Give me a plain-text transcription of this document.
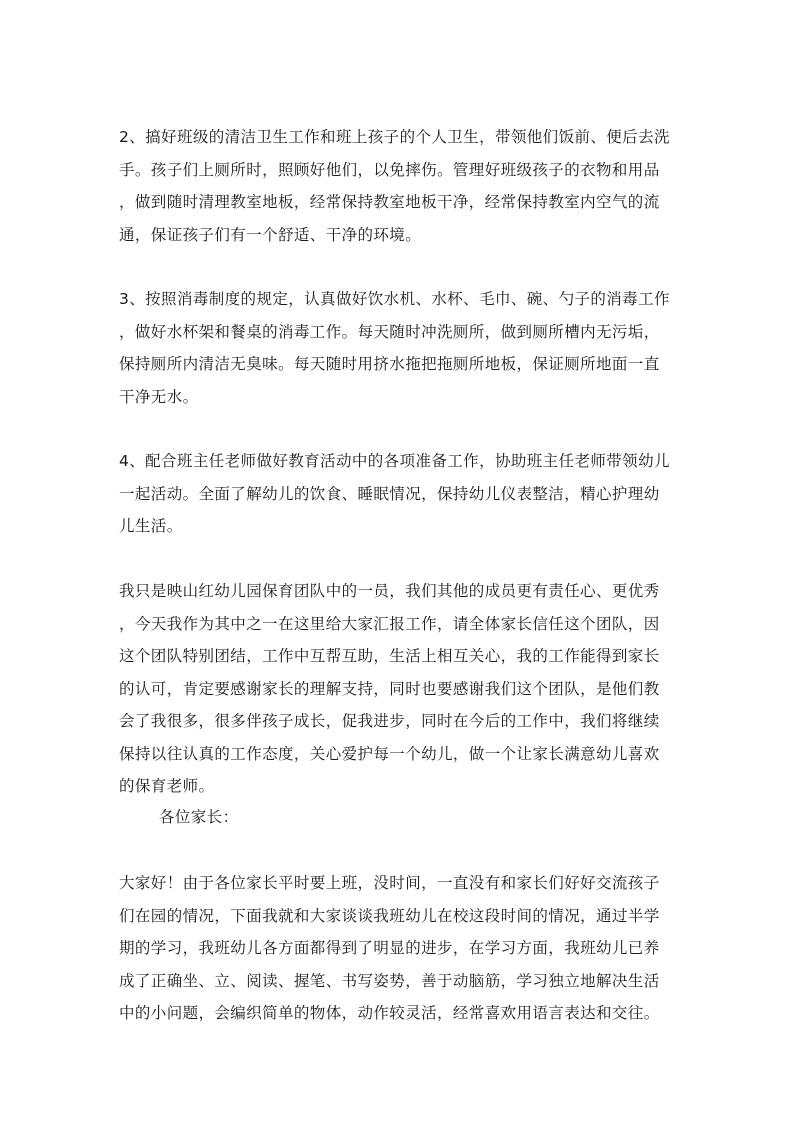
2、搞好班级的清洁卫生工作和班上孩子的个人卫生，带领他们饭前、便后去洗
手。孩子们上厕所时，照顾好他们，以免摔伤。管理好班级孩子的衣物和用品
，做到随时清理教室地板，经常保持教室地板干净，经常保持教室内空气的流
通，保证孩子们有一个舒适、干净的环境。

3、按照消毒制度的规定，认真做好饮水机、水杯、毛巾、碗、勺子的消毒工作
，做好水杯架和餐桌的消毒工作。每天随时冲洗厕所，做到厕所槽内无污垢，
保持厕所内清洁无臭味。每天随时用挤水拖把拖厕所地板，保证厕所地面一直
干净无水。

4、配合班主任老师做好教育活动中的各项准备工作，协助班主任老师带领幼儿
一起活动。全面了解幼儿的饮食、睡眠情况，保持幼儿仪表整洁，精心护理幼
儿生活。

我只是映山红幼儿园保育团队中的一员，我们其他的成员更有责任心、更优秀
，今天我作为其中之一在这里给大家汇报工作，请全体家长信任这个团队，因
这个团队特别团结，工作中互帮互助，生活上相互关心，我的工作能得到家长
的认可，肯定要感谢家长的理解支持，同时也要感谢我们这个团队，是他们教
会了我很多，很多伴孩子成长，促我进步，同时在今后的工作中，我们将继续
保持以往认真的工作态度，关心爱护每一个幼儿，做一个让家长满意幼儿喜欢
的保育老师。

各位家长：

大家好！由于各位家长平时要上班，没时间，一直没有和家长们好好交流孩子
们在园的情况，下面我就和大家谈谈我班幼儿在校这段时间的情况，通过半学
期的学习，我班幼儿各方面都得到了明显的进步，在学习方面，我班幼儿已养
成了正确坐、立、阅读、握笔、书写姿势，善于动脑筋，学习独立地解决生活
中的小问题，会编织简单的物体，动作较灵活，经常喜欢用语言表达和交往。
